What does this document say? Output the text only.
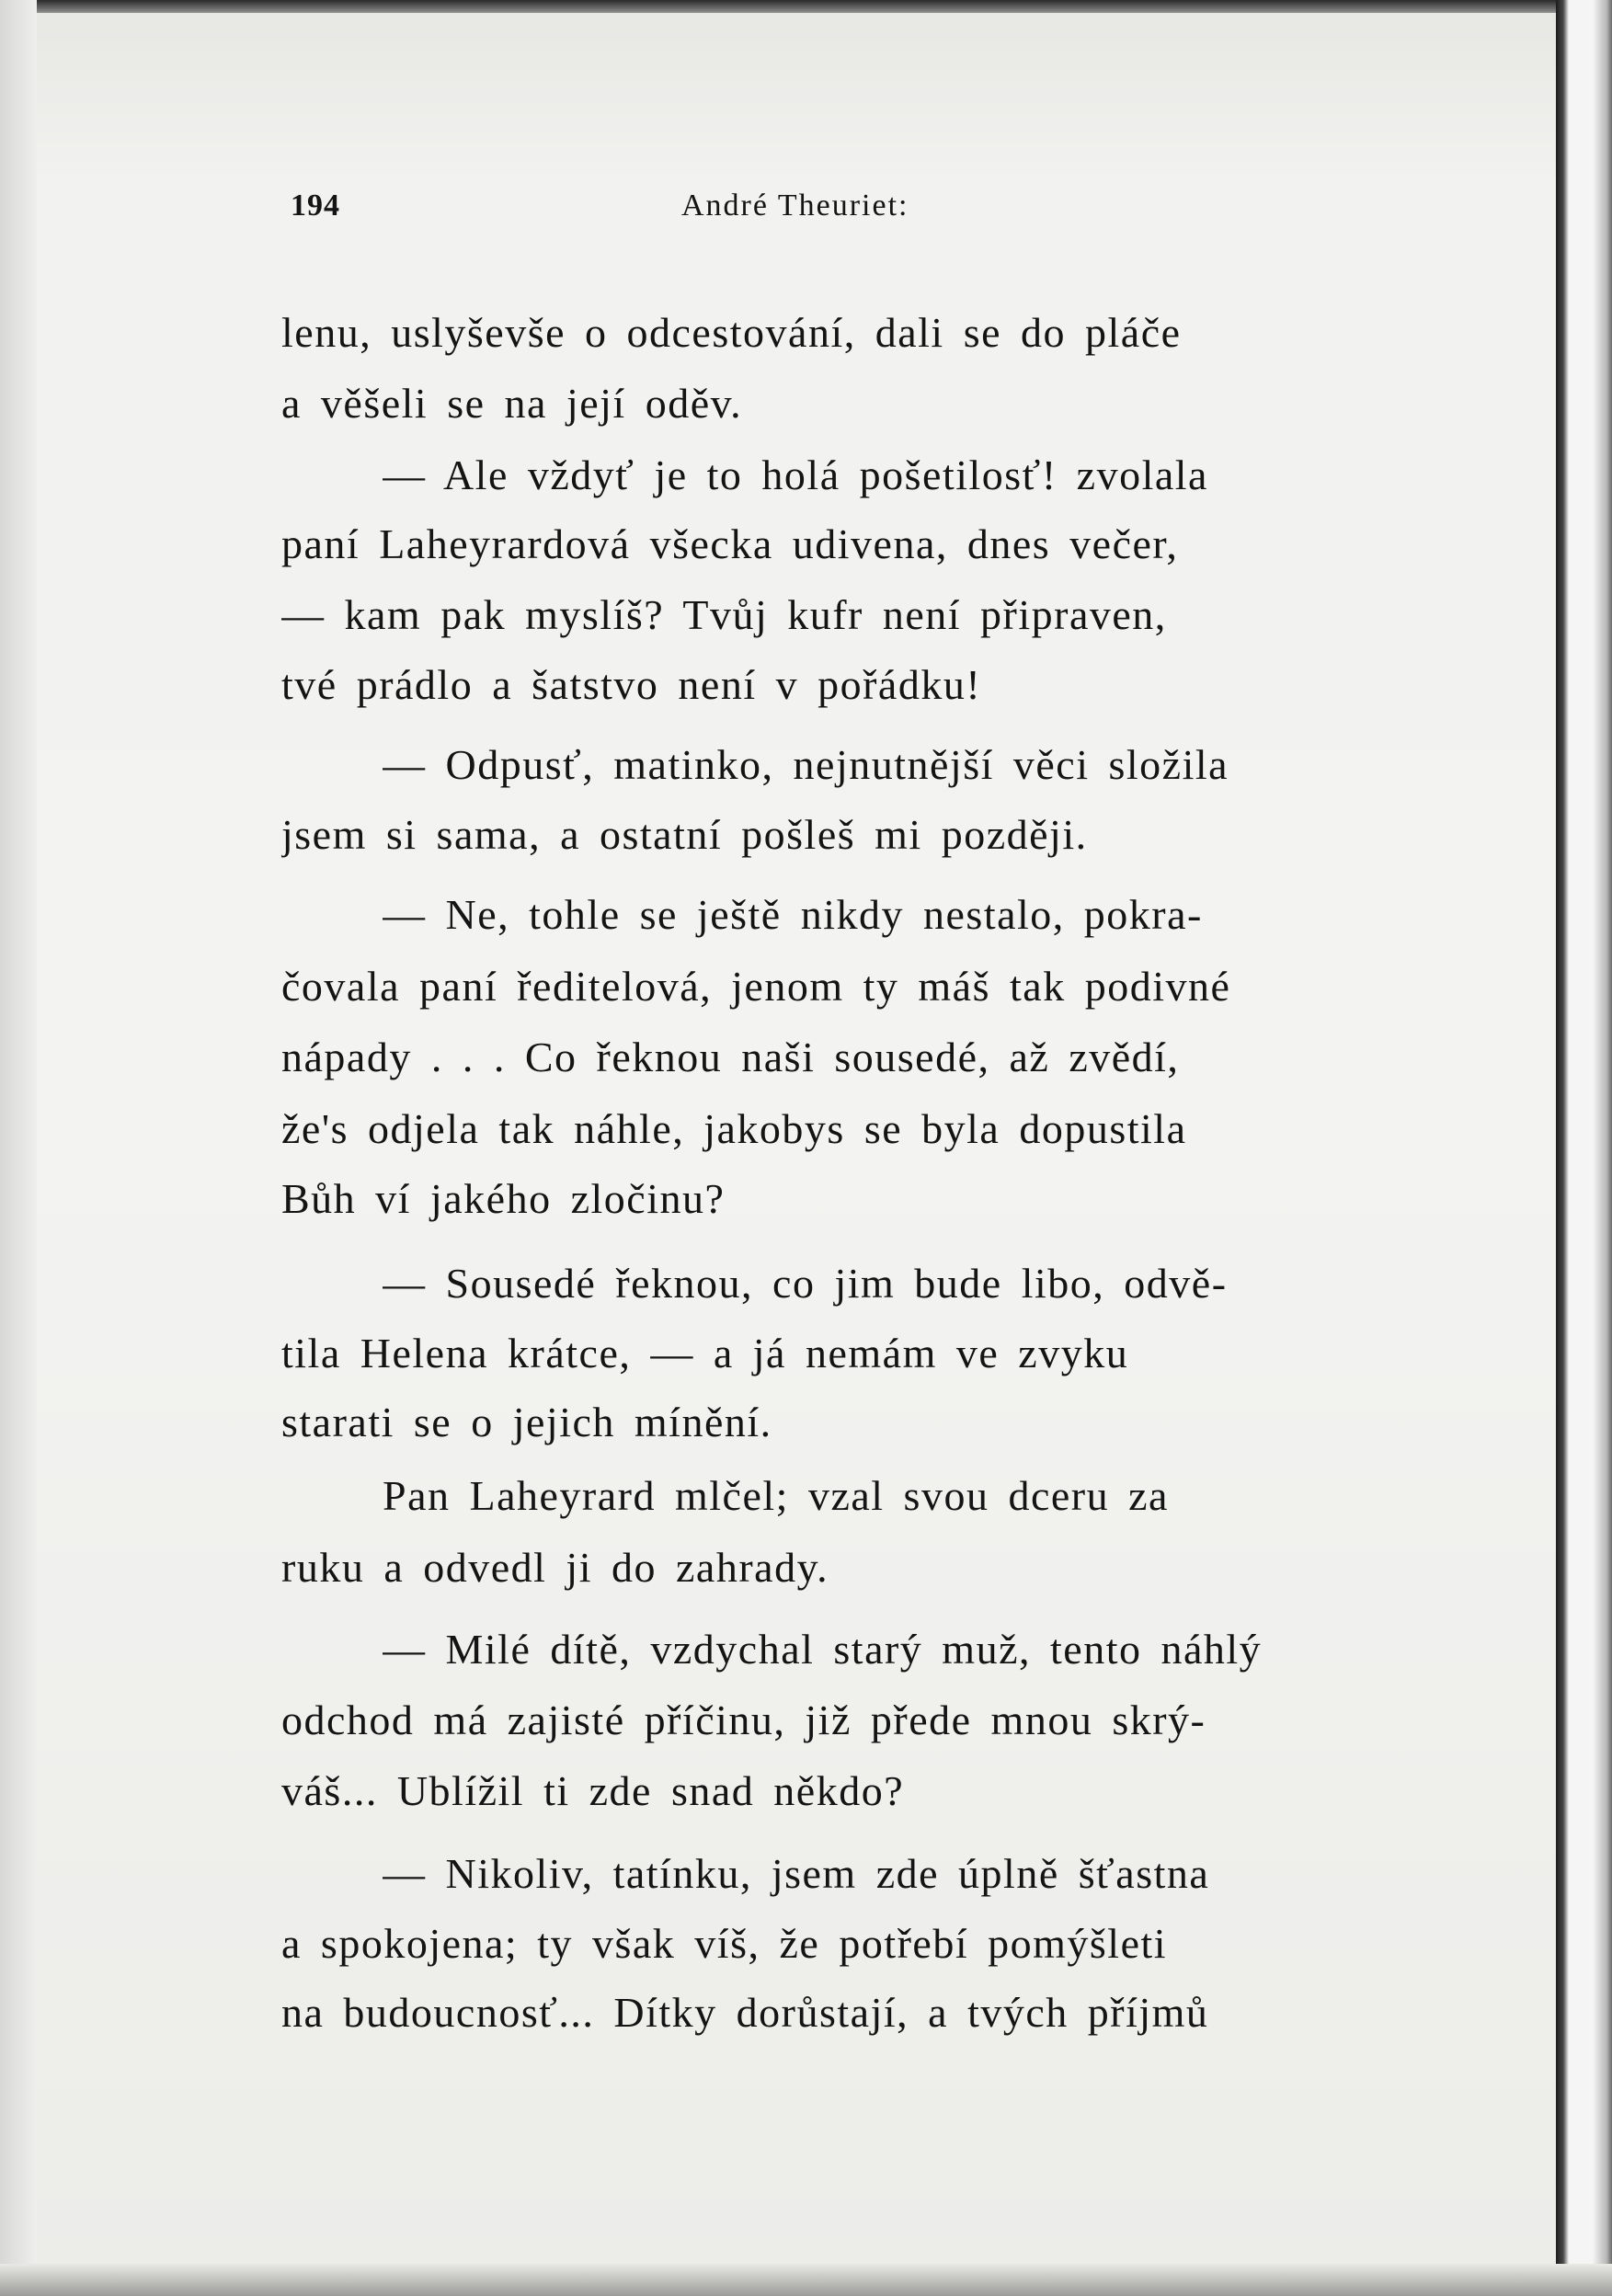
194	André Theuriet:
lenu, uslyševše o odcestování, dali se do pláče
a věšeli se na její oděv.
— Ale vždyť je to holá pošetilosť! zvolala
paní Laheyrardová všecka udivena, dnes večer,
— kam pak myslíš? Tvůj kufr není připraven,
tvé prádlo a šatstvo není v pořádku!
— Odpusť, matinko, nejnutnější věci složila
jsem si sama, a ostatní pošleš mi později.
— Ne, tohle se ještě nikdy nestalo, pokra-
čovala paní ředitelová, jenom ty máš tak podivné
nápady . . . Co řeknou naši sousedé, až zvědí,
že's odjela tak náhle, jakobys se byla dopustila
Bůh ví jakého zločinu?
— Sousedé řeknou, co jim bude libo, odvě-
tila Helena krátce, — a já nemám ve zvyku
starati se o jejich mínění.
Pan Laheyrard mlčel; vzal svou dceru za
ruku a odvedl ji do zahrady.
— Milé dítě, vzdychal starý muž, tento náhlý
odchod má zajisté příčinu, již přede mnou skrý-
váš... Ublížil ti zde snad někdo?
— Nikoliv, tatínku, jsem zde úplně šťastna
a spokojena; ty však víš, že potřebí pomýšleti
na budoucnosť... Dítky dorůstají, a tvých příjmů
